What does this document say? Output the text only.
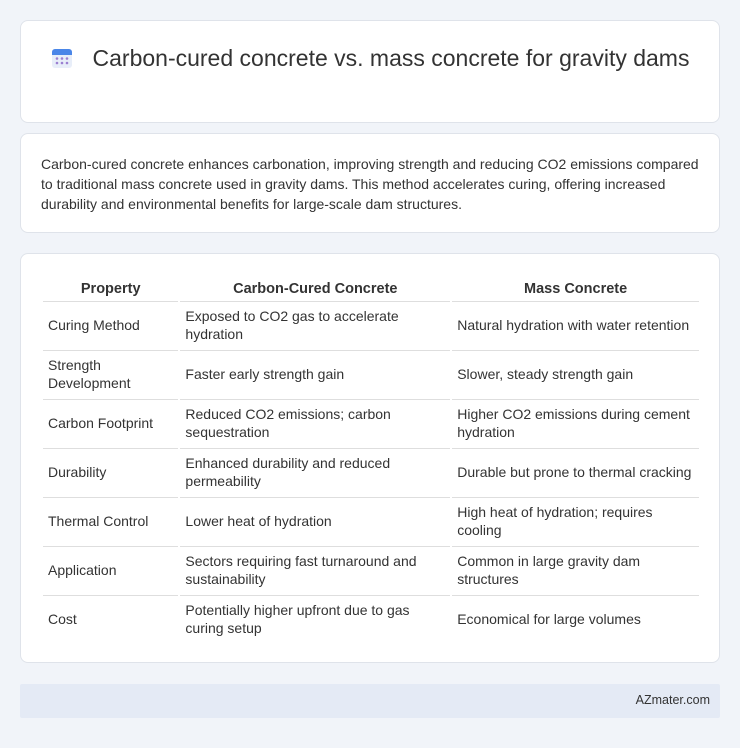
Carbon-cured concrete vs. mass concrete for gravity dams

Carbon-cured concrete enhances carbonation, improving strength and reducing CO2 emissions compared to traditional mass concrete used in gravity dams. This method accelerates curing, offering increased durability and environmental benefits for large-scale dam structures.

Property	Carbon-Cured Concrete	Mass Concrete
Curing Method	Exposed to CO2 gas to accelerate hydration	Natural hydration with water retention
Strength Development	Faster early strength gain	Slower, steady strength gain
Carbon Footprint	Reduced CO2 emissions; carbon sequestration	Higher CO2 emissions during cement hydration
Durability	Enhanced durability and reduced permeability	Durable but prone to thermal cracking
Thermal Control	Lower heat of hydration	High heat of hydration; requires cooling
Application	Sectors requiring fast turnaround and sustainability	Common in large gravity dam structures
Cost	Potentially higher upfront due to gas curing setup	Economical for large volumes
AZmater.com
